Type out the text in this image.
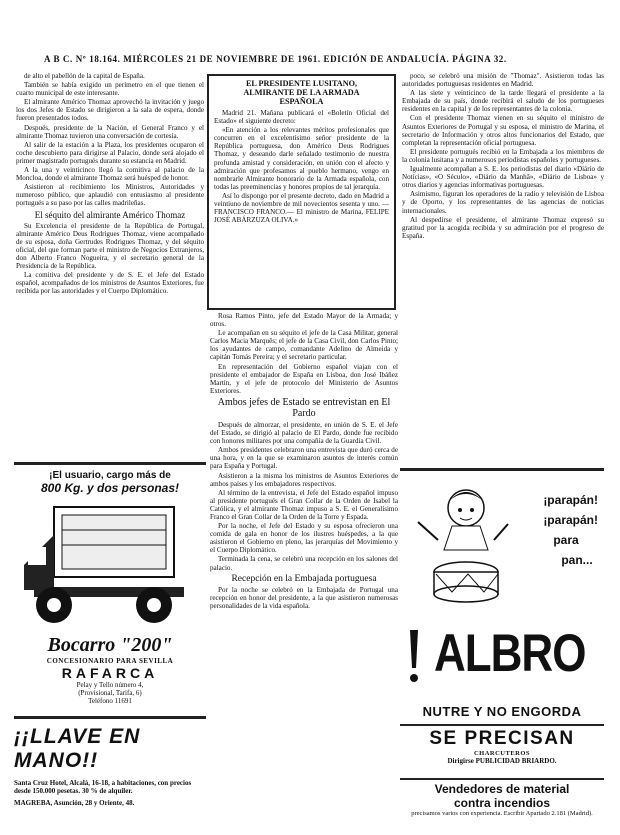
A B C. Nº 18.164. MIÉRCOLES 21 DE NOVIEMBRE DE 1961. EDICIÓN DE ANDALUCÍA. PÁGINA 32.

de alto el pabellón de la capital de España.

También se había exigido un perímetro en el que tienen el cuarto municipal de este interesante.

El almirante Américo Thomaz aprovechó la invitación y juego los dos Jefes de Estado se dirigieron a la sala de espera, donde fueron presentados todos.

Después, presidente de la Nación, el General Franco y el almirante Thomaz tuvieron una conversación de cortesía.

Al salir de la estación a la Plaza, los presidentes ocuparon el coche descubierto para dirigirse al Palacio, donde será alojado el primer magistrado portugués durante su estancia en Madrid.

A la una y veinticinco llegó la comitiva al palacio de la Moncloa, donde el almirante Thomaz será huésped de honor.

Asistieron al recibimiento los Ministros, Autoridades y numeroso público, que aplaudió con entusiasmo al presidente portugués a su paso por las calles madrileñas.

El séquito del almirante Américo Thomaz

Su Excelencia el presidente de la República de Portugal, almirante Américo Deus Rodrigues Thomaz, viene acompañado de su esposa, doña Gertrudes Rodrigues Thomaz, y del séquito oficial, del que forman parte el ministro de Negocios Extranjeros, don Alberto Franco Nogueira, y el secretario general de la Presidencia de la República.

La comitiva del presidente y de S. E. el Jefe del Estado español, acompañados de los ministros de Asuntos Exteriores, fue recibida por las autoridades y el Cuerpo Diplomático.

¡El usuario, cargo más de
800 Kg. y dos personas!
Bocarro "200"
CONCESIONARIO PARA SEVILLA
RAFARCA
Pelay y Tello número 4,
(Provisional, Tarifa, 6)
Teléfono 11691
¡¡LLAVE EN MANO!!
Santa Cruz Hotel, Alcalá, 16-18, a habitaciones, con precios desde 150.000 pesetas. 30 % de alquiler.
MAGREBA, Asunción, 28 y Oriente, 48.
EL PRESIDENTE LUSITANO,
ALMIRANTE DE LA ARMADA
ESPAÑOLA

Madrid 21. Mañana publicará el «Boletín Oficial del Estado» el siguiente decreto:

«En atención a los relevantes méritos profesionales que concurren en el excelentísimo señor presidente de la República portuguesa, don Américo Deus Rodrigues Thomaz, y deseando darle señalado testimonio de nuestra profunda amistad y consideración, en unión con el afecto y admiración que profesamos al pueblo hermano, vengo en nombrarle Almirante honorario de la Armada española, con todas las preeminencias y honores propios de tal jerarquía.

Así lo dispongo por el presente decreto, dado en Madrid a veintiuno de noviembre de mil novecientos sesenta y uno. —FRANCISCO FRANCO.— El ministro de Marina, FELIPE JOSÉ ABÁRZUZA OLIVA.»

Rosa Ramos Pinto, jefe del Estado Mayor de la Armada; y otros.

Le acompañan en su séquito el jefe de la Casa Militar, general Carlos Macia Marquês; el jefe de la Casa Civil, don Carlos Pinto; los ayudantes de campo, comandante Adelino de Almeida y capitán Tomás Pereira; y el secretario particular.

En representación del Gobierno español viajan con el presidente el embajador de España en Lisboa, don José Ibáñez Martín, y el jefe de protocolo del Ministerio de Asuntos Exteriores.

Ambos jefes de Estado se entrevistan en El Pardo

Después de almorzar, el presidente, en unión de S. E. el Jefe del Estado, se dirigió al palacio de El Pardo, donde fue recibido con honores militares por una compañía de la Guardia Civil.

Ambos presidentes celebraron una entrevista que duró cerca de una hora, y en la que se examinaron asuntos de interés común para España y Portugal.

Asistieron a la misma los ministros de Asuntos Exteriores de ambos países y los embajadores respectivos.

Al término de la entrevista, el Jefe del Estado español impuso al presidente portugués el Gran Collar de la Orden de Isabel la Católica, y el almirante Thomaz impuso a S. E. el Generalísimo Franco el Gran Collar de la Orden de la Torre y Espada.

Por la noche, el Jefe del Estado y su esposa ofrecieron una comida de gala en honor de los ilustres huéspedes, a la que asistieron el Gobierno en pleno, las jerarquías del Movimiento y el Cuerpo Diplomático.

Terminada la cena, se celebró una recepción en los salones del palacio.

Recepción en la Embajada portuguesa

Por la noche se celebró en la Embajada de Portugal una recepción en honor del presidente, a la que asistieron numerosas personalidades de la vida española.

poco, se celebró una misión de ″Thomaz″. Asistieron todas las autoridades portuguesas residentes en Madrid.

A las siete y veinticinco de la tarde llegará el presidente a la Embajada de su país, donde recibirá el saludo de los portugueses residentes en la capital y de los representantes de la colonia.

Con el presidente Thomaz vienen en su séquito el ministro de Asuntos Exteriores de Portugal y su esposa, el ministro de Marina, el secretario de Información y otros altos funcionarios del Estado, que completan la representación oficial portuguesa.

El presidente portugués recibió en la Embajada a los miembros de la colonia lusitana y a numerosos periodistas españoles y portugueses.

Igualmente acompañan a S. E. los periodistas del diario «Diário de Notícias», «O Século», «Diário da Manhã», «Diário de Lisboa» y otros diarios y agencias informativas portuguesas.

Asimismo, figuran los operadores de la radio y televisión de Lisboa y de Oporto, y los representantes de las agencias de noticias internacionales.

Al despedirse el presidente, el almirante Thomaz expresó su gratitud por la acogida recibida y su admiración por el progreso de España.

¡parapán!
¡parapán!
para
pan...
ALBRO
NUTRE Y NO ENGORDA
SE PRECISAN
CHARCUTEROS
Dirigirse PUBLICIDAD BRIARDO.
Vendedores de material
contra incendios
precisamos varios con experiencia. Escribir Apartado 2.181 (Madrid).
